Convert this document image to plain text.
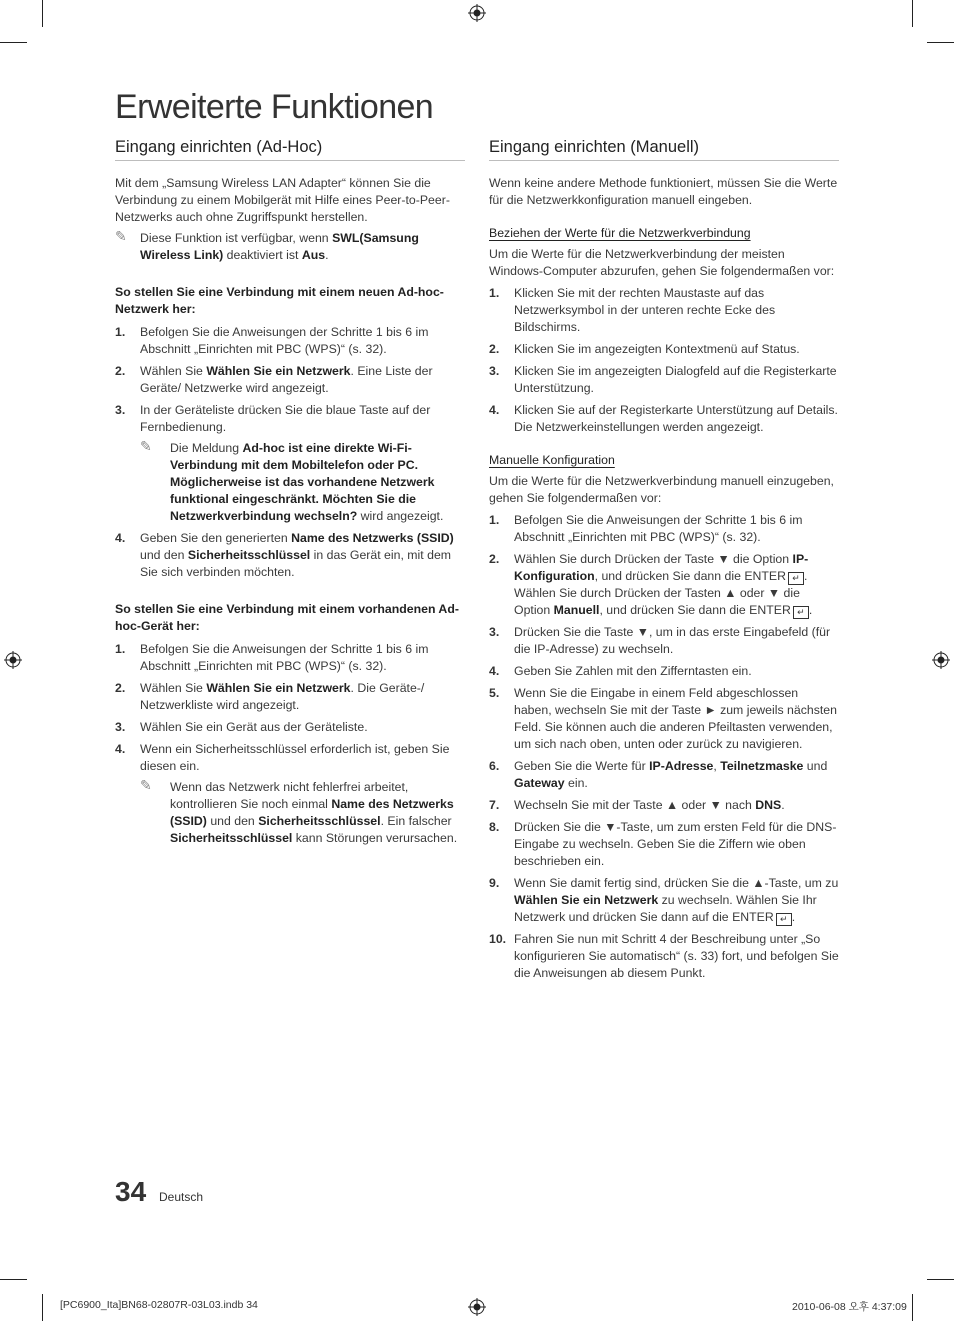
Erweiterte Funktionen
Eingang einrichten (Ad-Hoc)

Mit dem „Samsung Wireless LAN Adapter“ können Sie die Verbindung zu einem Mobilgerät mit Hilfe eines Peer-to-Peer-Netzwerks auch ohne Zugriffspunkt herstellen.

✎ Diese Funktion ist verfügbar, wenn SWL(Samsung Wireless Link) deaktiviert ist Aus.

So stellen Sie eine Verbindung mit einem neuen Ad-hoc-Netzwerk her:

1. Befolgen Sie die Anweisungen der Schritte 1 bis 6 im Abschnitt „Einrichten mit PBC (WPS)“ (s. 32).
2. Wählen Sie Wählen Sie ein Netzwerk. Eine Liste der Geräte/ Netzwerke wird angezeigt.
3. In der Geräteliste drücken Sie die blaue Taste auf der Fernbedienung.
✎ Die Meldung Ad-hoc ist eine direkte Wi-Fi-Verbindung mit dem Mobiltelefon oder PC. Möglicherweise ist das vorhandene Netzwerk funktional eingeschränkt. Möchten Sie die Netzwerkverbindung wechseln? wird angezeigt.
4. Geben Sie den generierten Name des Netzwerks (SSID) und den Sicherheitsschlüssel in das Gerät ein, mit dem Sie sich verbinden möchten.

So stellen Sie eine Verbindung mit einem vorhandenen Ad-hoc-Gerät her:

1. Befolgen Sie die Anweisungen der Schritte 1 bis 6 im Abschnitt „Einrichten mit PBC (WPS)“ (s. 32).
2. Wählen Sie Wählen Sie ein Netzwerk. Die Geräte-/ Netzwerkliste wird angezeigt.
3. Wählen Sie ein Gerät aus der Geräteliste.
4. Wenn ein Sicherheitsschlüssel erforderlich ist, geben Sie diesen ein.
✎ Wenn das Netzwerk nicht fehlerfrei arbeitet, kontrollieren Sie noch einmal Name des Netzwerks (SSID) und den Sicherheitsschlüssel. Ein falscher Sicherheitsschlüssel kann Störungen verursachen.
Eingang einrichten (Manuell)

Wenn keine andere Methode funktioniert, müssen Sie die Werte für die Netzwerkkonfiguration manuell eingeben.

Beziehen der Werte für die Netzwerkverbindung

Um die Werte für die Netzwerkverbindung der meisten Windows-Computer abzurufen, gehen Sie folgendermaßen vor:

1. Klicken Sie mit der rechten Maustaste auf das Netzwerksymbol in der unteren rechte Ecke des Bildschirms.
2. Klicken Sie im angezeigten Kontextmenü auf Status.
3. Klicken Sie im angezeigten Dialogfeld auf die Registerkarte Unterstützung.
4. Klicken Sie auf der Registerkarte Unterstützung auf Details. Die Netzwerkeinstellungen werden angezeigt.

Manuelle Konfiguration

Um die Werte für die Netzwerkverbindung manuell einzugeben, gehen Sie folgendermaßen vor:

1. Befolgen Sie die Anweisungen der Schritte 1 bis 6 im Abschnitt „Einrichten mit PBC (WPS)“ (s. 32).
2. Wählen Sie durch Drücken der Taste ▼ die Option IP-Konfiguration, und drücken Sie dann die ENTER ↵ . Wählen Sie durch Drücken der Tasten ▲ oder ▼ die Option Manuell, und drücken Sie dann die ENTER ↵ .
3. Drücken Sie die Taste ▼, um in das erste Eingabefeld (für die IP-Adresse) zu wechseln.
4. Geben Sie Zahlen mit den Zifferntasten ein.
5. Wenn Sie die Eingabe in einem Feld abgeschlossen haben, wechseln Sie mit der Taste ► zum jeweils nächsten Feld. Sie können auch die anderen Pfeiltasten verwenden, um sich nach oben, unten oder zurück zu navigieren.
6. Geben Sie die Werte für IP-Adresse, Teilnetzmaske und Gateway ein.
7. Wechseln Sie mit der Taste ▲ oder ▼ nach DNS.
8. Drücken Sie die ▼-Taste, um zum ersten Feld für die DNS-Eingabe zu wechseln. Geben Sie die Ziffern wie oben beschrieben ein.
9. Wenn Sie damit fertig sind, drücken Sie die ▲-Taste, um zu Wählen Sie ein Netzwerk zu wechseln. Wählen Sie Ihr Netzwerk und drücken Sie dann auf die ENTER ↵ .
10. Fahren Sie nun mit Schritt 4 der Beschreibung unter „So konfigurieren Sie automatisch“ (s. 33) fort, und befolgen Sie die Anweisungen ab diesem Punkt.
34 Deutsch
[PC6900_Ita]BN68-02807R-03L03.indb 34	2010-06-08 오후 4:37:09
